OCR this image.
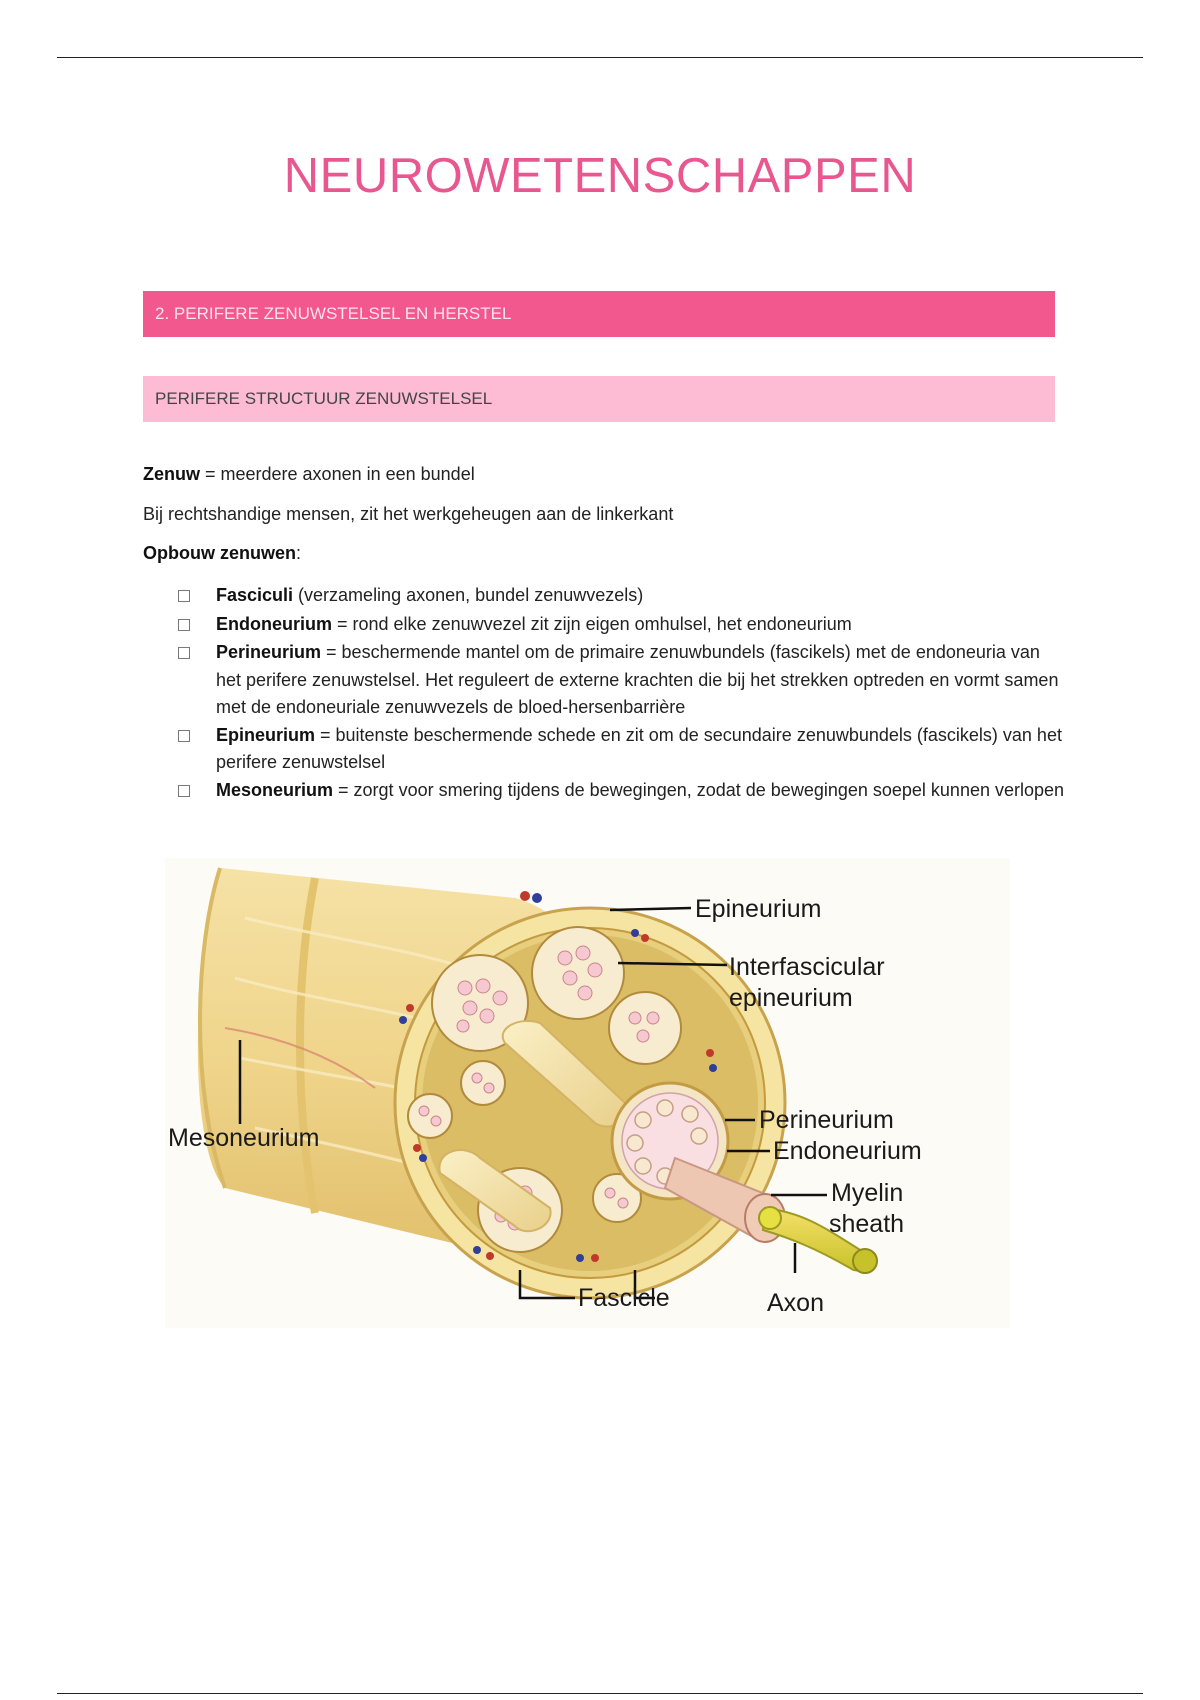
NEUROWETENSCHAPPEN
2. PERIFERE ZENUWSTELSEL EN HERSTEL
PERIFERE STRUCTUUR ZENUWSTELSEL
Zenuw = meerdere axonen in een bundel
Bij rechtshandige mensen, zit het werkgeheugen aan de linkerkant
Opbouw zenuwen:
Fasciculi (verzameling axonen, bundel zenuwvezels)
Endoneurium = rond elke zenuwvezel zit zijn eigen omhulsel, het endoneurium
Perineurium = beschermende mantel om de primaire zenuwbundels (fascikels) met de endoneuria van het perifere zenuwstelsel. Het reguleert de externe krachten die bij het strekken optreden en vormt samen met de endoneuriale zenuwvezels de bloed-hersenbarrière
Epineurium = buitenste beschermende schede en zit om de secundaire zenuwbundels (fascikels) van het perifere zenuwstelsel
Mesoneurium = zorgt voor smering tijdens de bewegingen, zodat de bewegingen soepel kunnen verlopen
Epineurium
Interfascicular
epineurium
Perineurium
Endoneurium
Myelin
sheath
Mesoneurium
Fascicle	Axon
